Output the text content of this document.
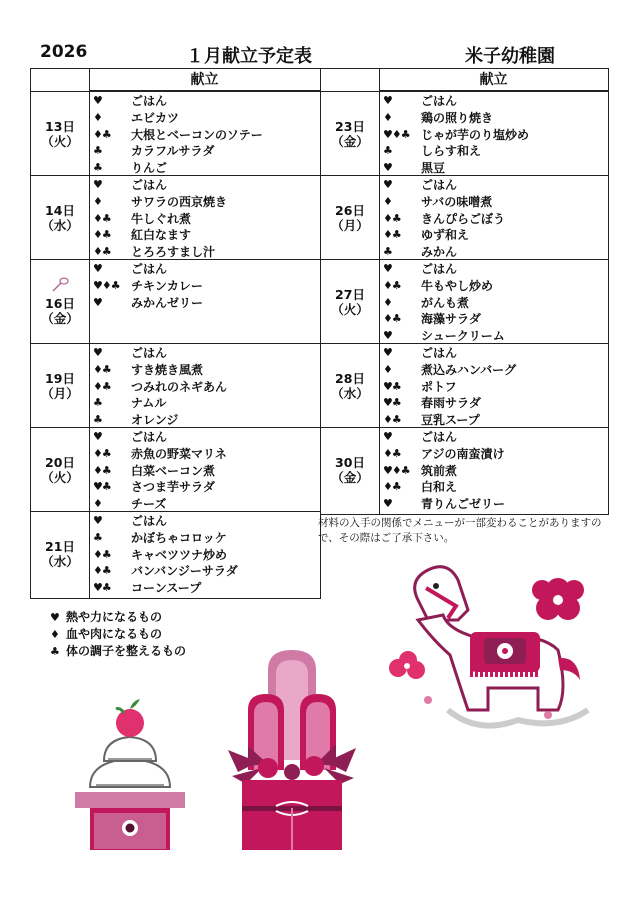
2026	１月献立予定表	米子幼稚園
献立
13日
（火）
♥	ごはん
♦	エビカツ
♦♣	大根とベーコンのソテー
♣	カラフルサラダ
♣	りんご
14日
（水）
♥	ごはん
♦	サワラの西京焼き
♦♣	牛しぐれ煮
♦♣	紅白なます
♦♣	とろろすまし汁
16日
（金）
♥	ごはん
♥♦♣ チキンカレー
♥	みかんゼリー
19日
（月）
♥	ごはん
♦♣	すき焼き風煮
♦♣	つみれのネギあん
♣	ナムル
♣	オレンジ
20日
（火）
♥	ごはん
♦♣	赤魚の野菜マリネ
♦♣	白菜ベーコン煮
♥♣	さつま芋サラダ
♦	チーズ
21日
（水）
♥	ごはん
♣	かぼちゃコロッケ
♦♣	キャベツツナ炒め
♦♣	バンバンジーサラダ
♥♣	コーンスープ
献立
23日
（金）
♥	ごはん
♦	鶏の照り焼き
♥♦♣ じゃが芋のり塩炒め
♣	しらす和え
♥	黒豆
26日
（月）
♥	ごはん
♦	サバの味噌煮
♦♣	きんぴらごぼう
♦♣	ゆず和え
♣	みかん
27日
（火）
♥	ごはん
♦♣	牛もやし炒め
♦	がんも煮
♦♣	海藻サラダ
♥	シュークリーム
28日
（水）
♥	ごはん
♦	煮込みハンバーグ
♥♣	ポトフ
♥♣	春雨サラダ
♦♣	豆乳スープ
30日
（金）
♥	ごはん
♦♣	アジの南蛮漬け
♥♦♣ 筑前煮
♦♣	白和え
♥	青りんごゼリー
材料の入手の関係でメニューが一部変わることがありますので、その際はご了承下さい。
♥ 熱や力になるもの
♦ 血や肉になるもの
♣ 体の調子を整えるもの
